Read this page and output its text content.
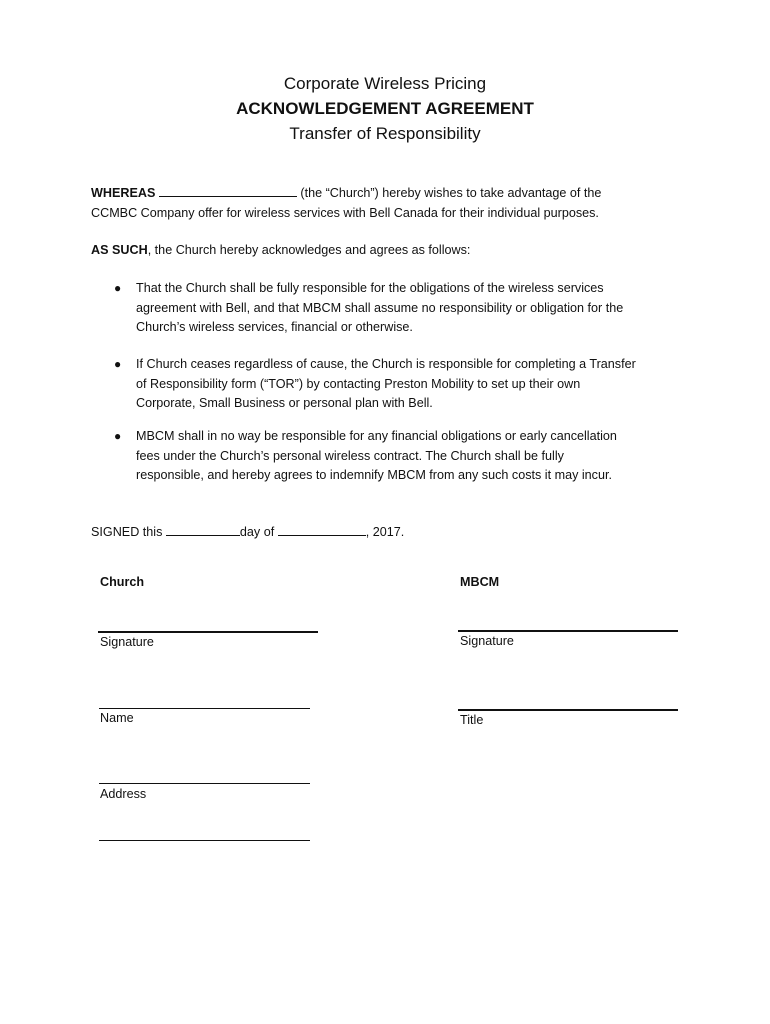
Corporate Wireless Pricing
ACKNOWLEDGEMENT AGREEMENT
Transfer of Responsibility
WHEREAS	(the “Church”) hereby wishes to take advantage of the
CCMBC Company offer for wireless services with Bell Canada for their individual purposes.
AS SUCH, the Church hereby acknowledges and agrees as follows:
● That the Church shall be fully responsible for the obligations of the wireless services
agreement with Bell, and that MBCM shall assume no responsibility or obligation for the
Church’s wireless services, financial or otherwise.
● If Church ceases regardless of cause, the Church is responsible for completing a Transfer
of Responsibility form (“TOR”) by contacting Preston Mobility to set up their own
Corporate, Small Business or personal plan with Bell.
● MBCM shall in no way be responsible for any financial obligations or early cancellation
fees under the Church’s personal wireless contract. The Church shall be fully
responsible, and hereby agrees to indemnify MBCM from any such costs it may incur.
SIGNED this	day of	, 2017.
Church
Signature
Name
Address
MBCM
Signature
Title
